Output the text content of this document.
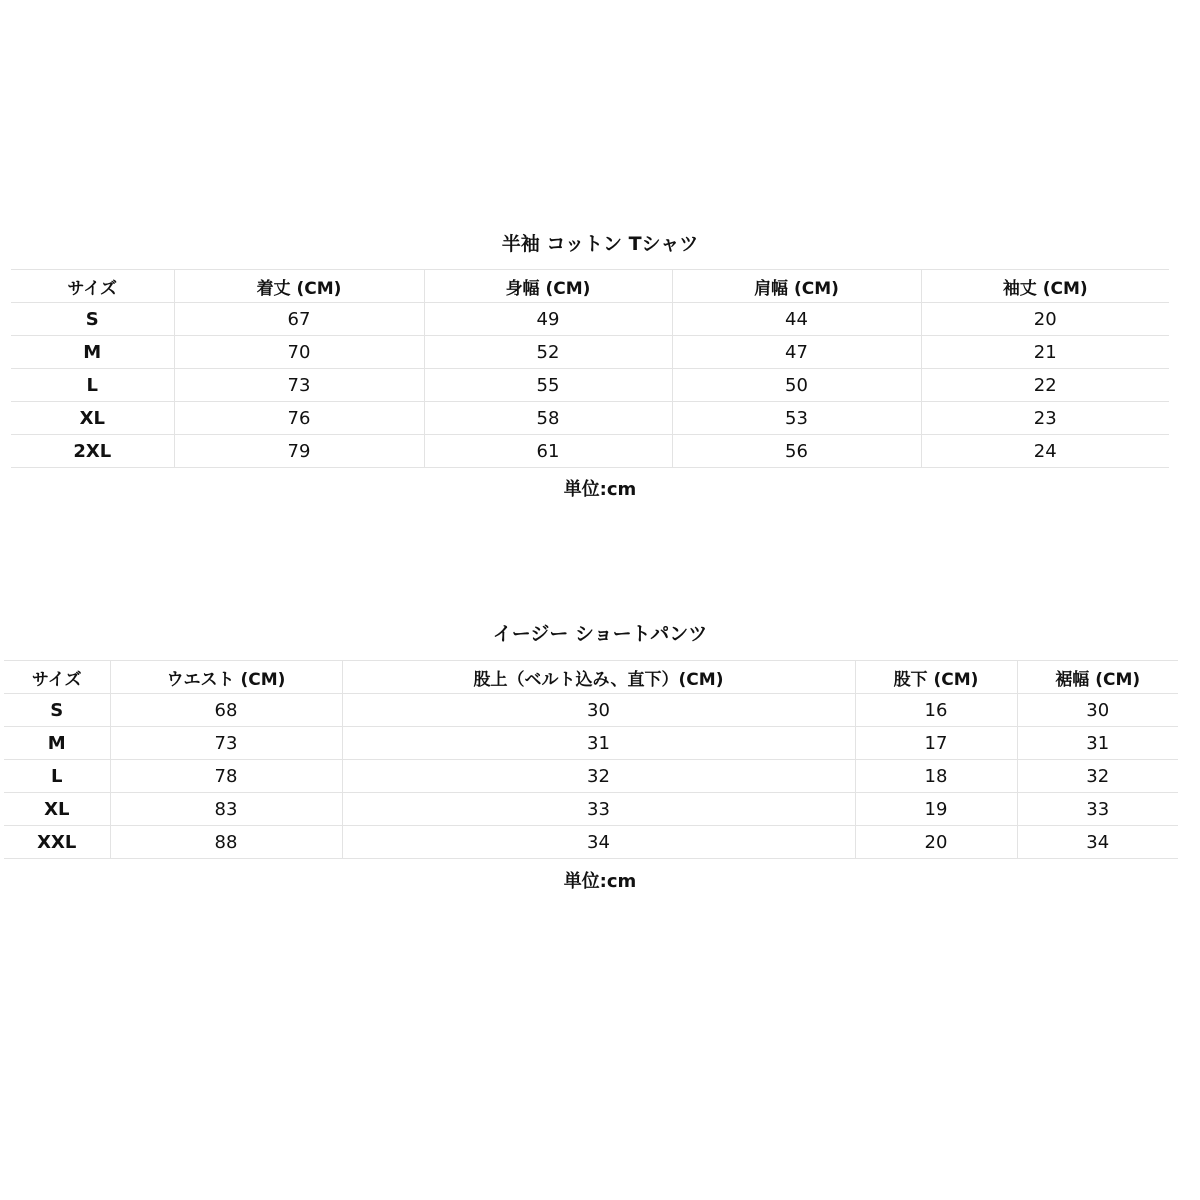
半袖 コットン Tシャツ
サイズ	着丈 (CM)	身幅 (CM)	肩幅 (CM)	袖丈 (CM)
S	67	49	44	20
M	70	52	47	21
L	73	55	50	22
XL	76	58	53	23
2XL	79	61	56	24
単位:cm
イージー ショートパンツ
サイズ	ウエスト (CM)	股上（ベルト込み、直下）(CM)	股下 (CM)	裾幅 (CM)
S	68	30	16	30
M	73	31	17	31
L	78	32	18	32
XL	83	33	19	33
XXL	88	34	20	34
単位:cm
